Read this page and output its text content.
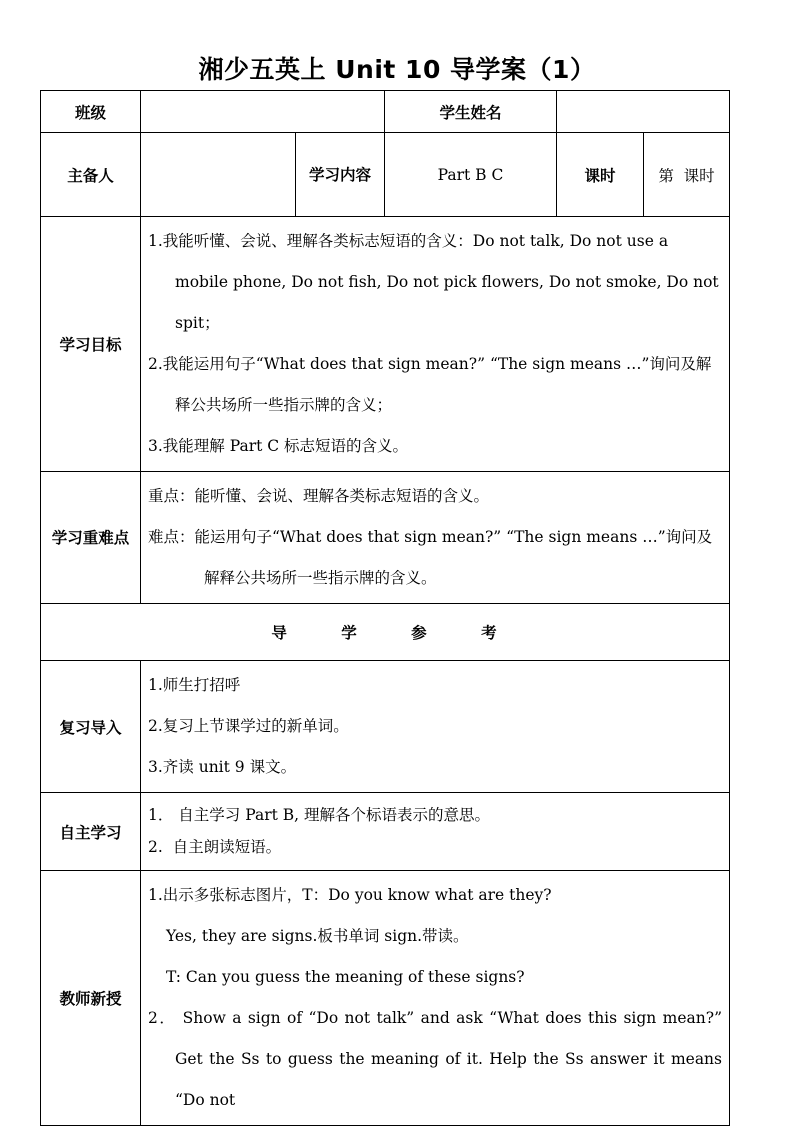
湘少五英上 Unit 10 导学案（1）
班级			学生姓名		
主备人		学习内容	Part B C	课时	第  课时
学习目标	1.我能听懂、会说、理解各类标志短语的含义：Do not talk, Do not use a mobile phone, Do not fish, Do not pick flowers, Do not smoke, Do not spit；
2.我能运用句子“What does that sign mean?” “The sign means …”询问及解释公共场所一些指示牌的含义；
3.我能理解 Part C 标志短语的含义。				

学习重难点	重点：能听懂、会说、理解各类标志短语的含义。
难点：能运用句子“What does that sign mean?” “The sign means …”询问及解释公共场所一些指示牌的含义。				

导 学 参 考					
复习导入	1.师生打招呼
2.复习上节课学过的新单词。
3.齐读 unit 9 课文。				

自主学习	1． 自主学习 Part B, 理解各个标语表示的意思。
2.  自主朗读短语。				

教师新授	1.出示多张标志图片，T：Do you know what are they?
Yes, they are signs.板书单词 sign.带读。
T: Can you guess the meaning of these signs?
2． Show a sign of “Do not talk” and ask “What does this sign mean?” Get the Ss to guess the meaning of it. Help the Ss answer it means “Do not				
